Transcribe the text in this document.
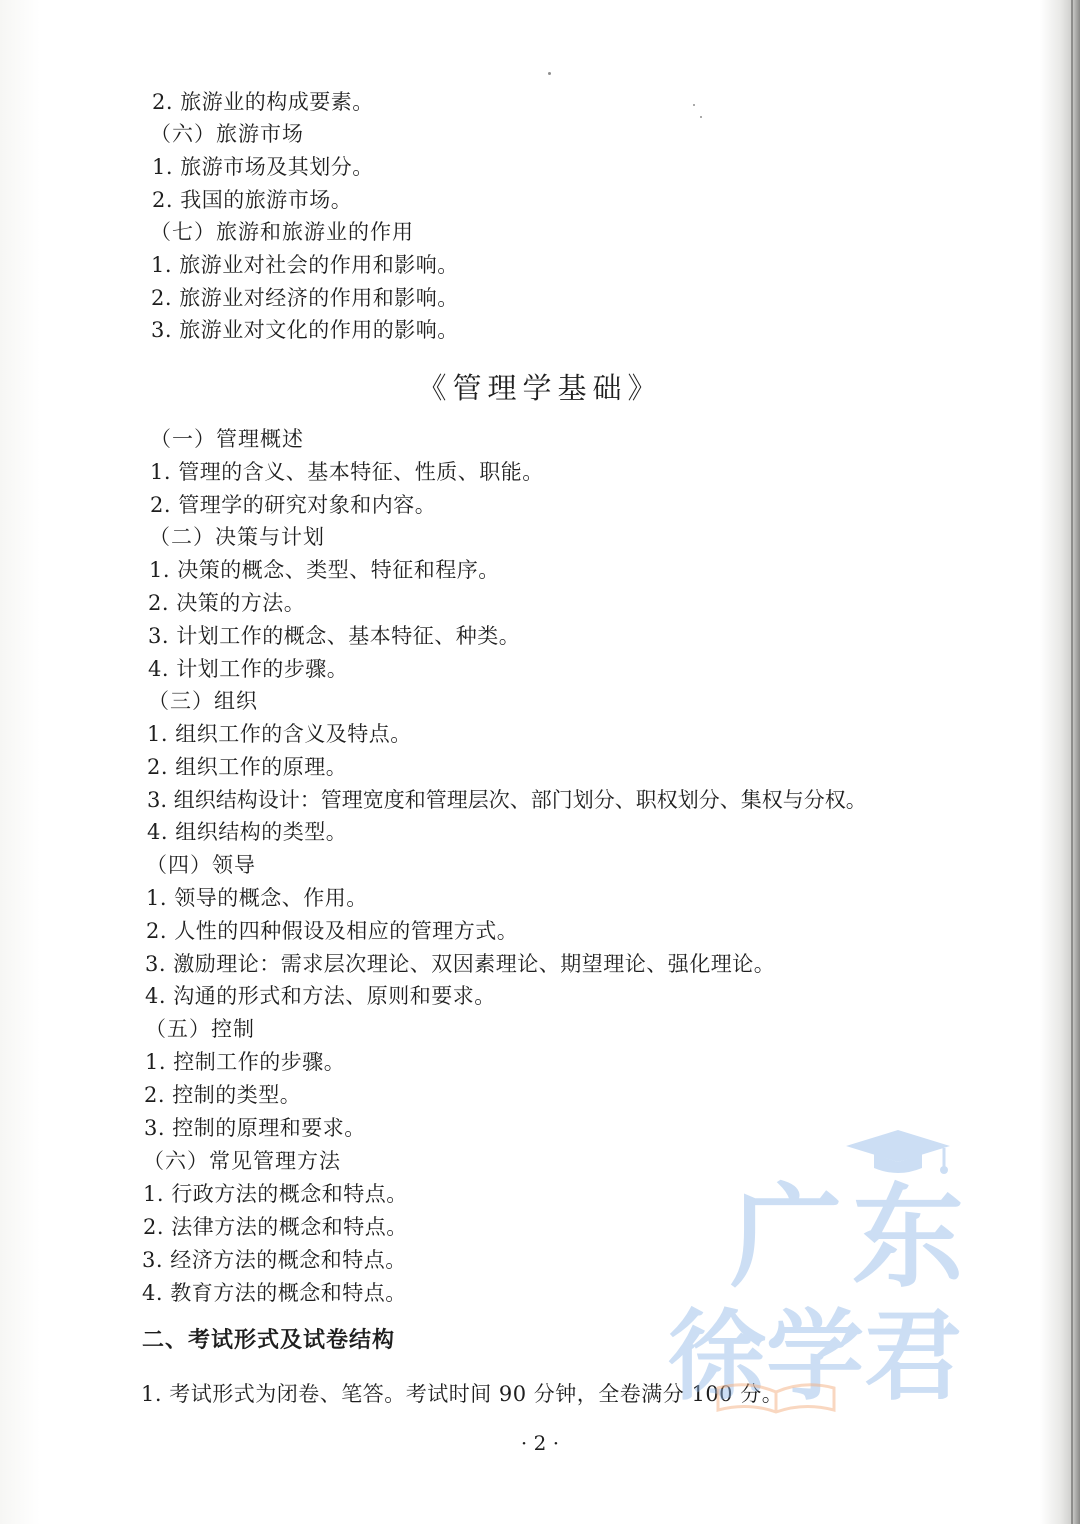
2. 旅游业的构成要素。
（六）旅游市场
1. 旅游市场及其划分。
2. 我国的旅游市场。
（七）旅游和旅游业的作用
1. 旅游业对社会的作用和影响。
2. 旅游业对经济的作用和影响。
3. 旅游业对文化的作用的影响。
《管理学基础》
（一）管理概述
1. 管理的含义、基本特征、性质、职能。
2. 管理学的研究对象和内容。
（二）决策与计划
1. 决策的概念、类型、特征和程序。
2. 决策的方法。
3. 计划工作的概念、基本特征、种类。
4. 计划工作的步骤。
（三）组织
1. 组织工作的含义及特点。
2. 组织工作的原理。
3. 组织结构设计：管理宽度和管理层次、部门划分、职权划分、集权与分权。
4. 组织结构的类型。
（四）领导
1. 领导的概念、作用。
2. 人性的四种假设及相应的管理方式。
3. 激励理论：需求层次理论、双因素理论、期望理论、强化理论。
4. 沟通的形式和方法、原则和要求。
（五）控制
1. 控制工作的步骤。
2. 控制的类型。
3. 控制的原理和要求。
（六）常见管理方法
1. 行政方法的概念和特点。
2. 法律方法的概念和特点。
3. 经济方法的概念和特点。
4. 教育方法的概念和特点。
二、考试形式及试卷结构
1. 考试形式为闭卷、笔答。考试时间 90 分钟，全卷满分 100 分。
· 2 ·
广东
徐学君
